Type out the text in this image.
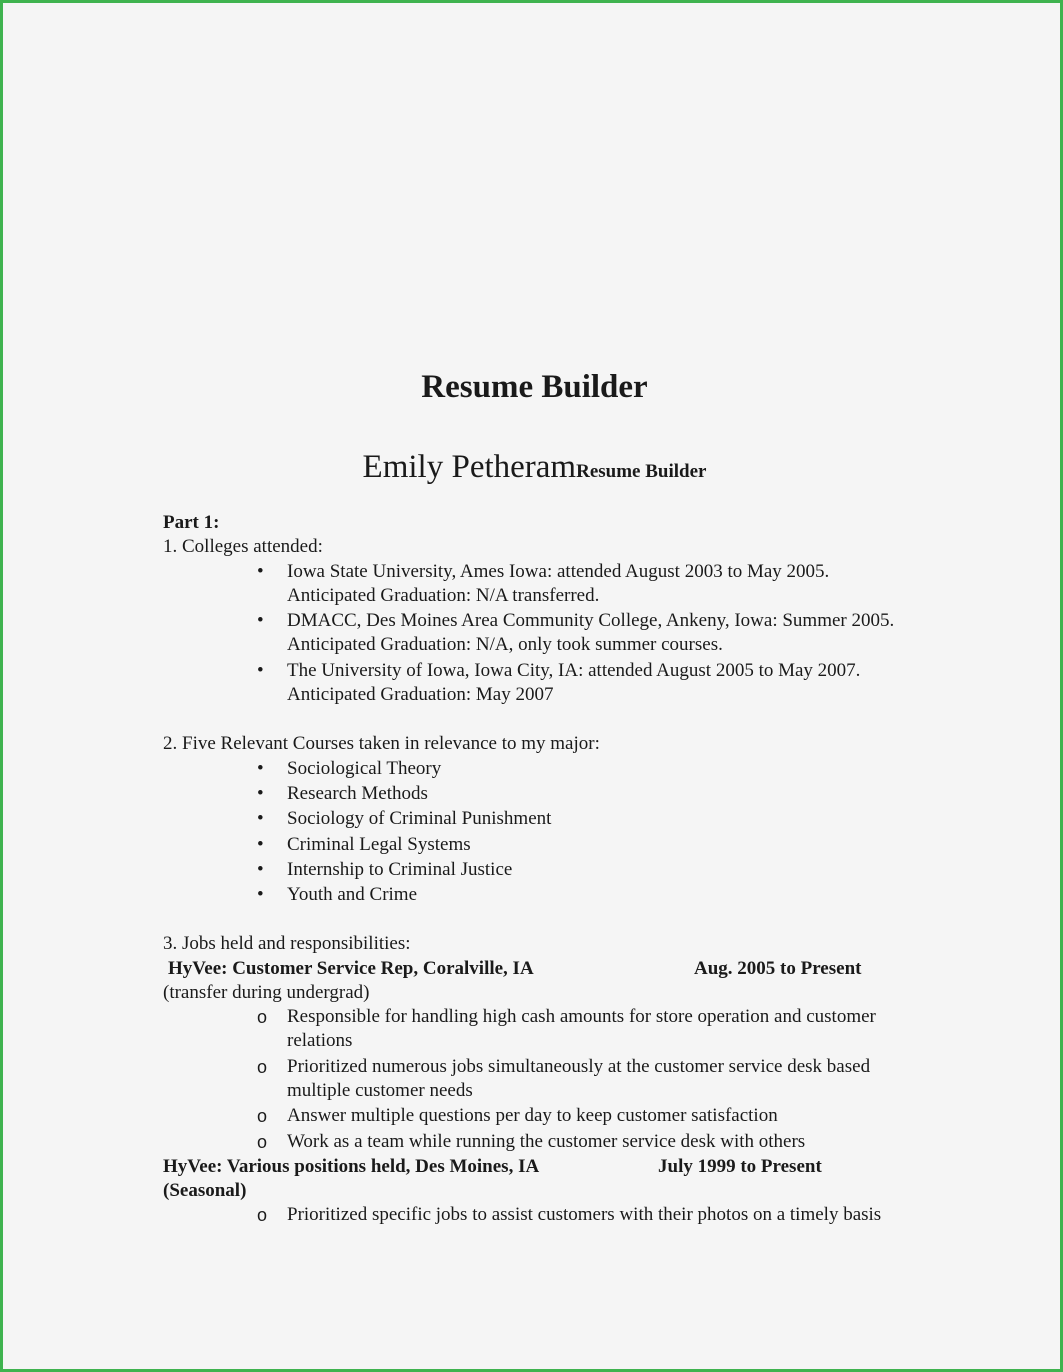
Resume Builder
Emily PetheramResume Builder
Part 1:
1. Colleges attended:
• Iowa State University, Ames Iowa: attended August 2003 to May 2005. Anticipated Graduation: N/A transferred.
• DMACC, Des Moines Area Community College, Ankeny, Iowa: Summer 2005. Anticipated Graduation: N/A, only took summer courses.
• The University of Iowa, Iowa City, IA: attended August 2005 to May 2007. Anticipated Graduation: May 2007
2. Five Relevant Courses taken in relevance to my major:
• Sociological Theory
• Research Methods
• Sociology of Criminal Punishment
• Criminal Legal Systems
• Internship to Criminal Justice
• Youth and Crime
3. Jobs held and responsibilities:
HyVee: Customer Service Rep, Coralville, IA	Aug. 2005 to Present
(transfer during undergrad)
o Responsible for handling high cash amounts for store operation and customer relations
o Prioritized numerous jobs simultaneously at the customer service desk based multiple customer needs
o Answer multiple questions per day to keep customer satisfaction
o Work as a team while running the customer service desk with others
HyVee: Various positions held, Des Moines, IA	July 1999 to Present
(Seasonal)
o Prioritized specific jobs to assist customers with their photos on a timely basis
